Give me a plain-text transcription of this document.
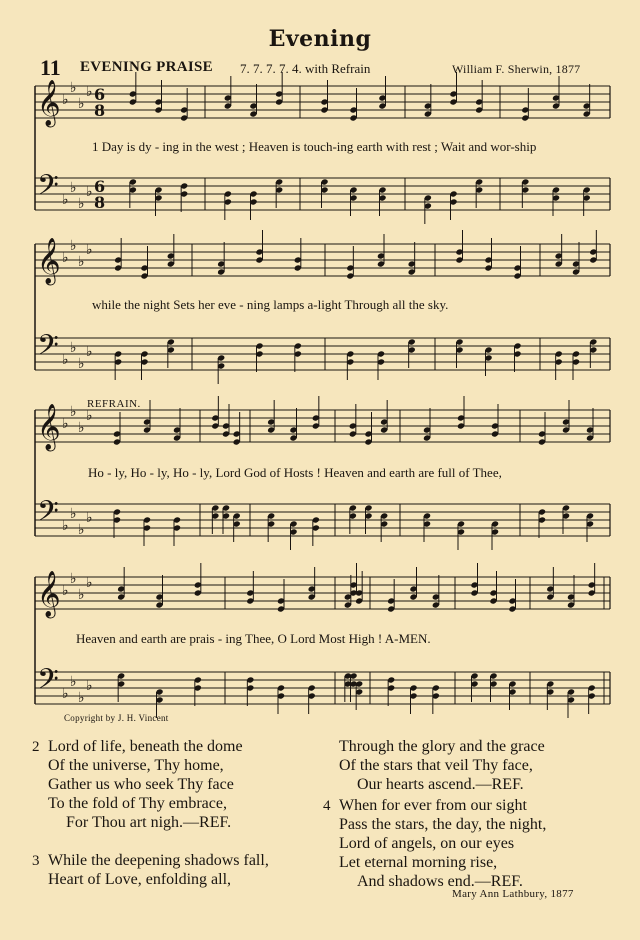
Evening
11 EVENING PRAISE 7. 7. 7. 7. 4. with Refrain	William F. Sherwin, 1877
𝄞
𝄢
♭
♭
♭
♭
♭
♭
♭
♭
6
8
6
8
𝄞
𝄢
♭
♭
♭
♭
♭
♭
♭
♭
𝄞
𝄢
♭
♭
♭
♭
♭
♭
♭
♭
𝄞
𝄢
♭
♭
♭
♭
♭
♭
♭
♭
1 Day is dy - ing in the west ; Heaven is touch-ing earth with rest ; Wait and wor-ship
while the night Sets her eve - ning lamps a-light Through all the sky.
REFRAIN.
Ho - ly, Ho - ly, Ho - ly, Lord God of Hosts ! Heaven and earth are full of Thee,
Heaven and earth are prais - ing Thee, O Lord Most High ! A-MEN.
Copyright by J. H. Vincent
2 Lord of life, beneath the dome
Of the universe, Thy home,
Gather us who seek Thy face
To the fold of Thy embrace,
For Thou art nigh.—REF.
3 While the deepening shadows fall,
Heart of Love, enfolding all,
Through the glory and the grace
Of the stars that veil Thy face,
Our hearts ascend.—REF.
4 When for ever from our sight
Pass the stars, the day, the night,
Lord of angels, on our eyes
Let eternal morning rise,
And shadows end.—REF.
Mary Ann Lathbury, 1877
